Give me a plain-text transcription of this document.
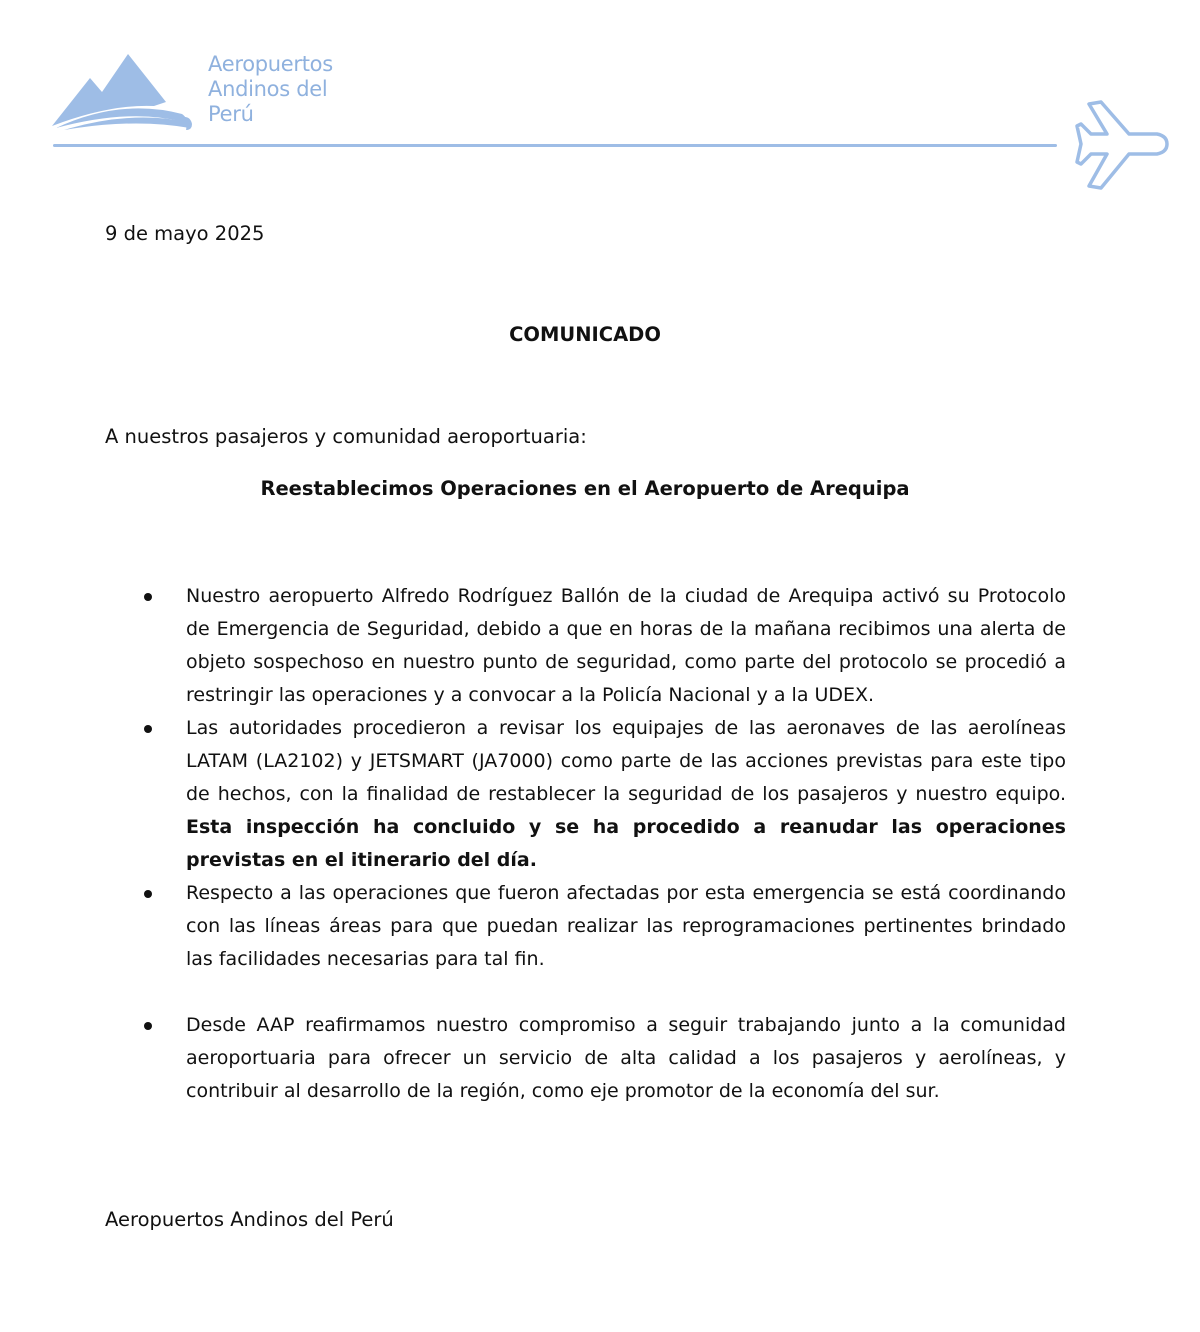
Aeropuertos
Andinos del
Perú
9 de mayo 2025
COMUNICADO
A nuestros pasajeros y comunidad aeroportuaria:
Reestablecimos Operaciones en el Aeropuerto de Arequipa
Nuestro aeropuerto Alfredo Rodríguez Ballón de la ciudad de Arequipa activó su Protocolo de Emergencia de Seguridad, debido a que en horas de la mañana recibimos una alerta de objeto sospechoso en nuestro punto de seguridad, como parte del protocolo se procedió a restringir las operaciones y a convocar a la Policía Nacional y a la UDEX.
Las autoridades procedieron a revisar los equipajes de las aeronaves de las aerolíneas LATAM (LA2102) y JETSMART (JA7000) como parte de las acciones previstas para este tipo de hechos, con la finalidad de restablecer la seguridad de los pasajeros y nuestro equipo. Esta inspección ha concluido y se ha procedido a reanudar las operaciones previstas en el itinerario del día.
Respecto a las operaciones que fueron afectadas por esta emergencia se está coordinando con las líneas áreas para que puedan realizar las reprogramaciones pertinentes brindado las facilidades necesarias para tal fin.
Desde AAP reafirmamos nuestro compromiso a seguir trabajando junto a la comunidad aeroportuaria para ofrecer un servicio de alta calidad a los pasajeros y aerolíneas, y contribuir al desarrollo de la región, como eje promotor de la economía del sur.
Aeropuertos Andinos del Perú
